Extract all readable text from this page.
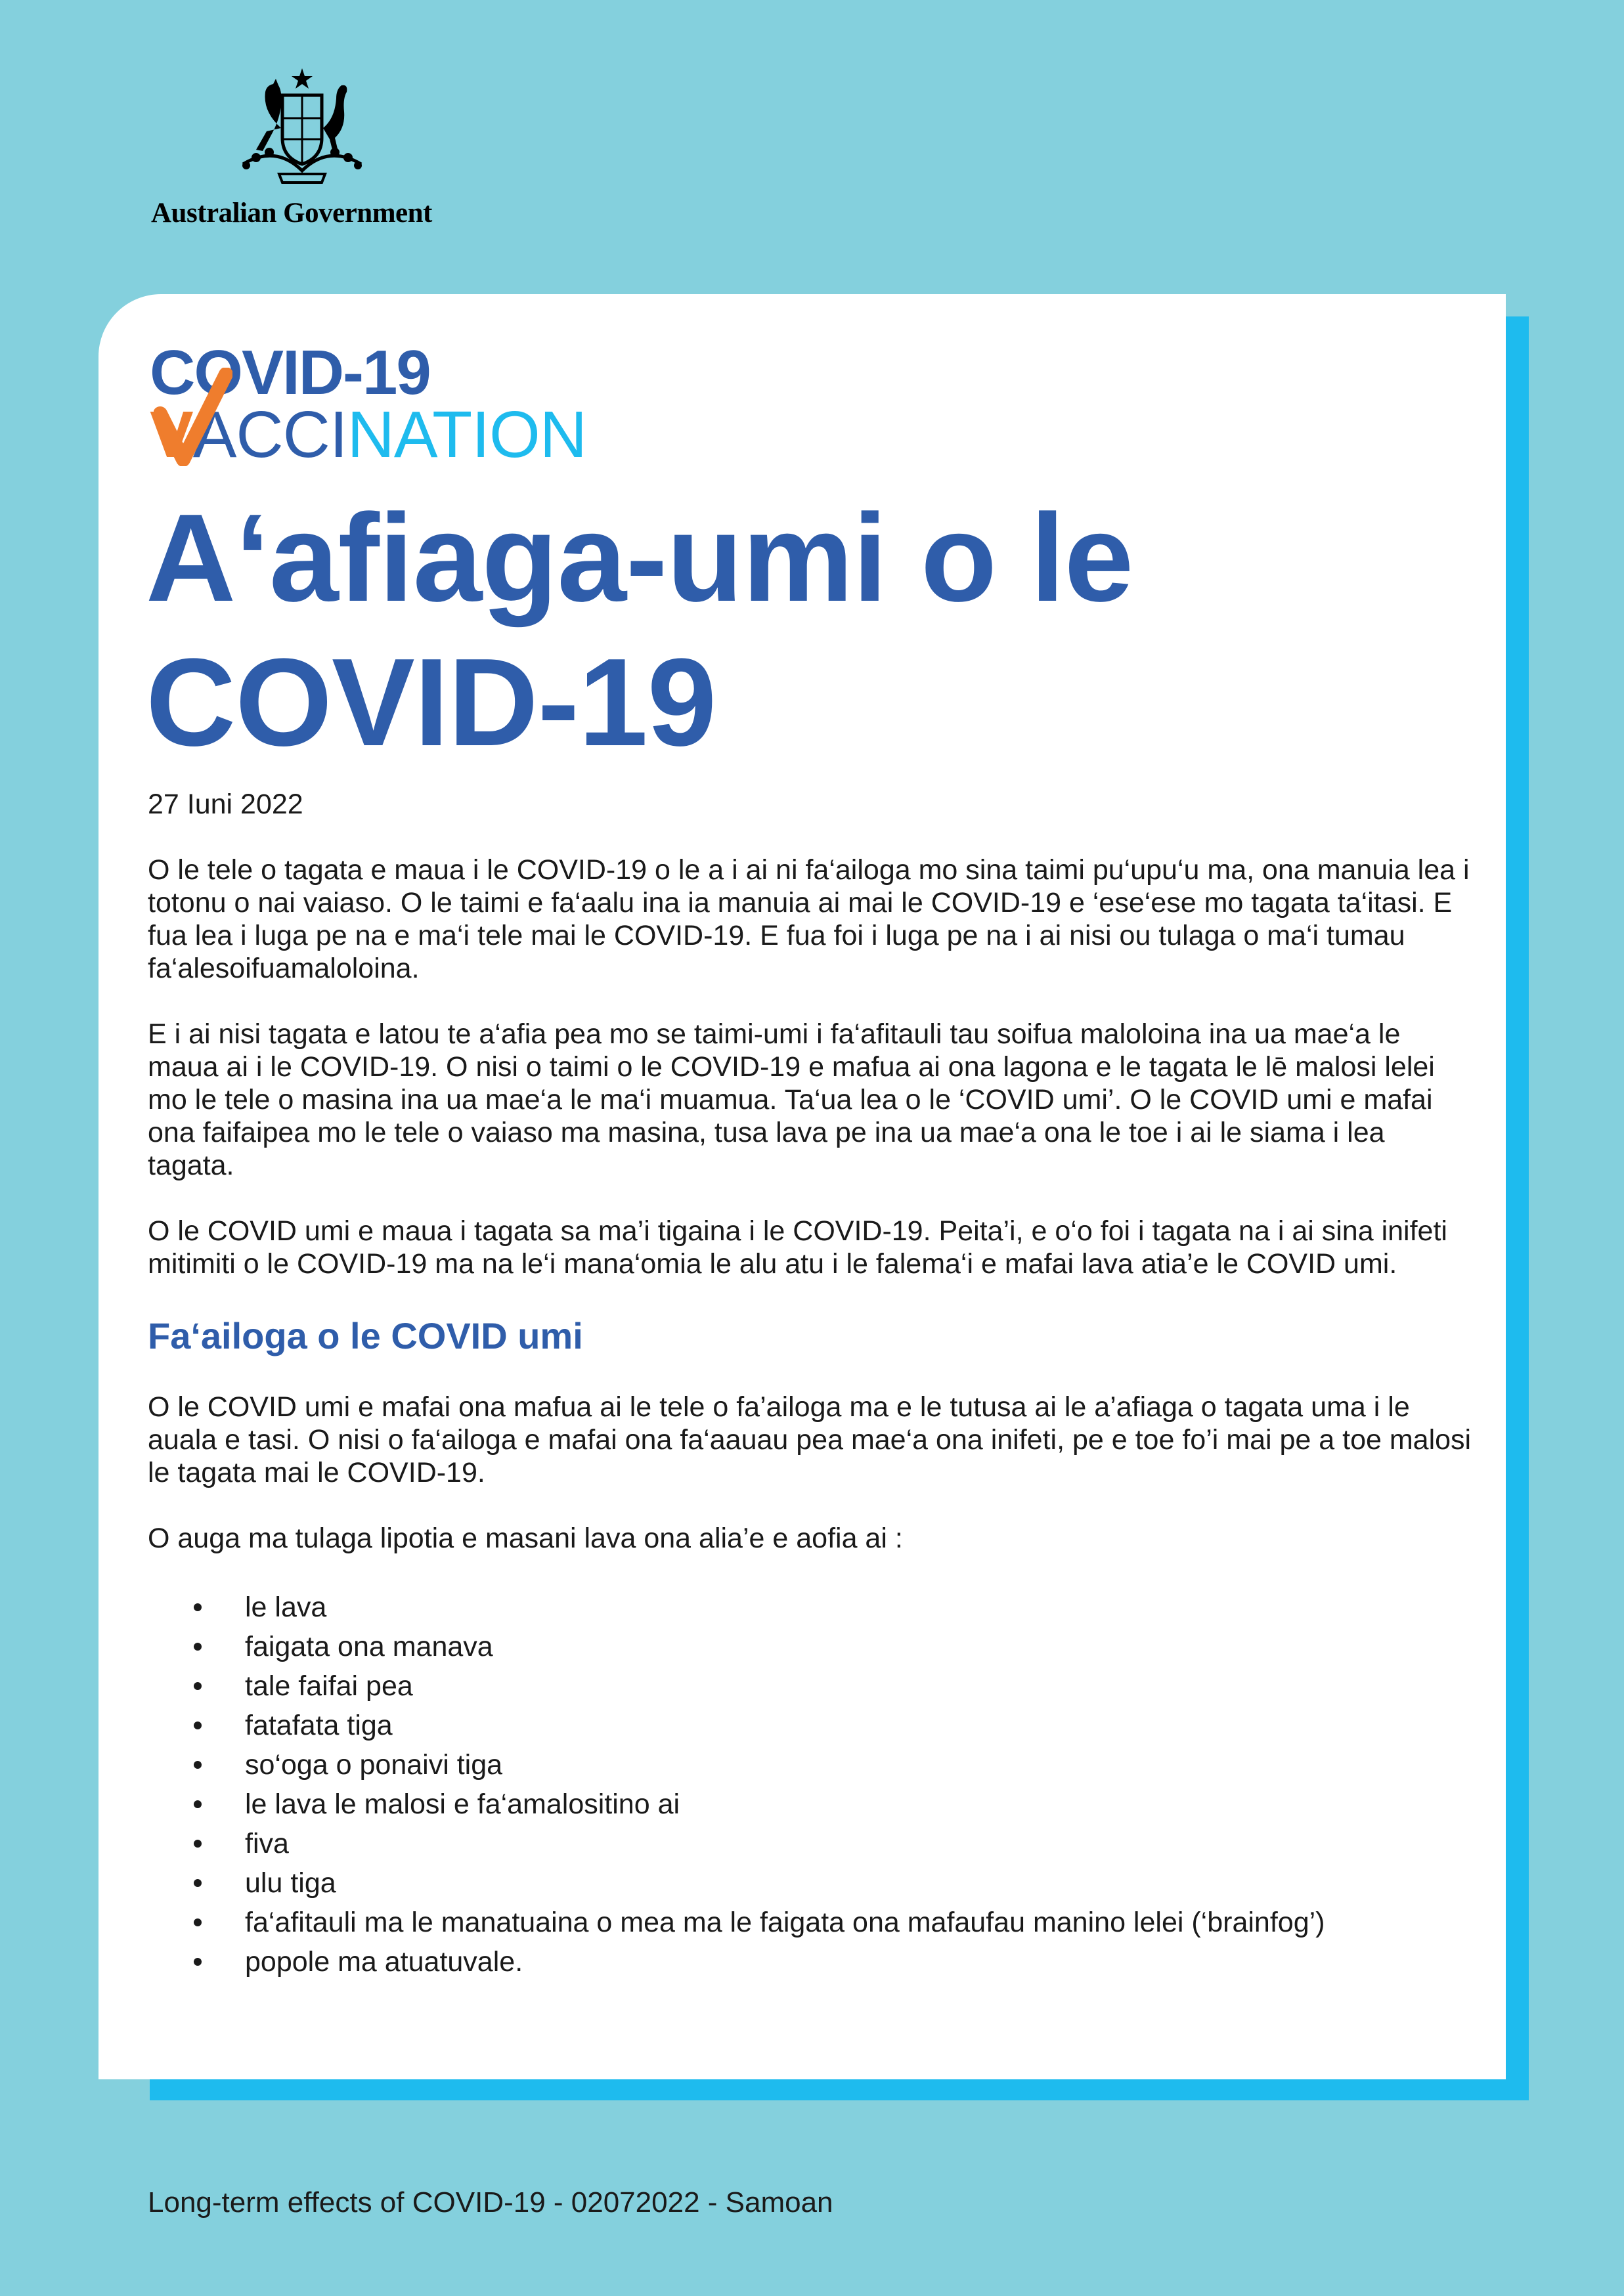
Australian Government
COVID-19
VACCINATION
A‘afiaga-umi o le COVID-19
27 Iuni 2022

O le tele o tagata e maua i le COVID-19 o le a i ai ni fa‘ailoga mo sina taimi pu‘upu‘u ma, ona manuia lea i totonu o nai vaiaso. O le taimi e fa‘aalu ina ia manuia ai mai le COVID-19 e ‘ese‘ese mo tagata ta‘itasi. E fua lea i luga pe na e ma‘i tele mai le COVID-19. E fua foi i luga pe na i ai nisi ou tulaga o ma‘i tumau fa‘alesoifuamaloloina.

E i ai nisi tagata e latou te a‘afia pea mo se taimi-umi i fa‘afitauli tau soifua maloloina ina ua mae‘a le maua ai i le COVID-19. O nisi o taimi o le COVID-19 e mafua ai ona lagona e le tagata le lē malosi lelei mo le tele o masina ina ua mae‘a le ma‘i muamua. Ta‘ua lea o le ‘COVID umi’. O le COVID umi e mafai ona faifaipea mo le tele o vaiaso ma masina, tusa lava pe ina ua mae‘a ona le toe i ai le siama i lea tagata.

O le COVID umi e maua i tagata sa ma’i tigaina i le COVID-19. Peita’i, e o‘o foi i tagata na i ai sina inifeti mitimiti o le COVID-19 ma na le‘i mana‘omia le alu atu i le falema‘i e mafai lava atia’e le COVID umi.

Fa‘ailoga o le COVID umi

O le COVID umi e mafai ona mafua ai le tele o fa’ailoga ma e le tutusa ai le a’afiaga o tagata uma i le auala e tasi. O nisi o fa‘ailoga e mafai ona fa‘aauau pea mae‘a ona inifeti, pe e toe fo’i mai pe a toe malosi le tagata mai le COVID-19.

O auga ma tulaga lipotia e masani lava ona alia’e e aofia ai :

le lava
faigata ona manava
tale faifai pea
fatafata tiga
so‘oga o ponaivi tiga
le lava le malosi e fa‘amalositino ai
fiva
ulu tiga
fa‘afitauli ma le manatuaina o mea ma le faigata ona mafaufau manino lelei (‘brainfog’)
popole ma atuatuvale.
Long-term effects of COVID-19 - 02072022 - Samoan
